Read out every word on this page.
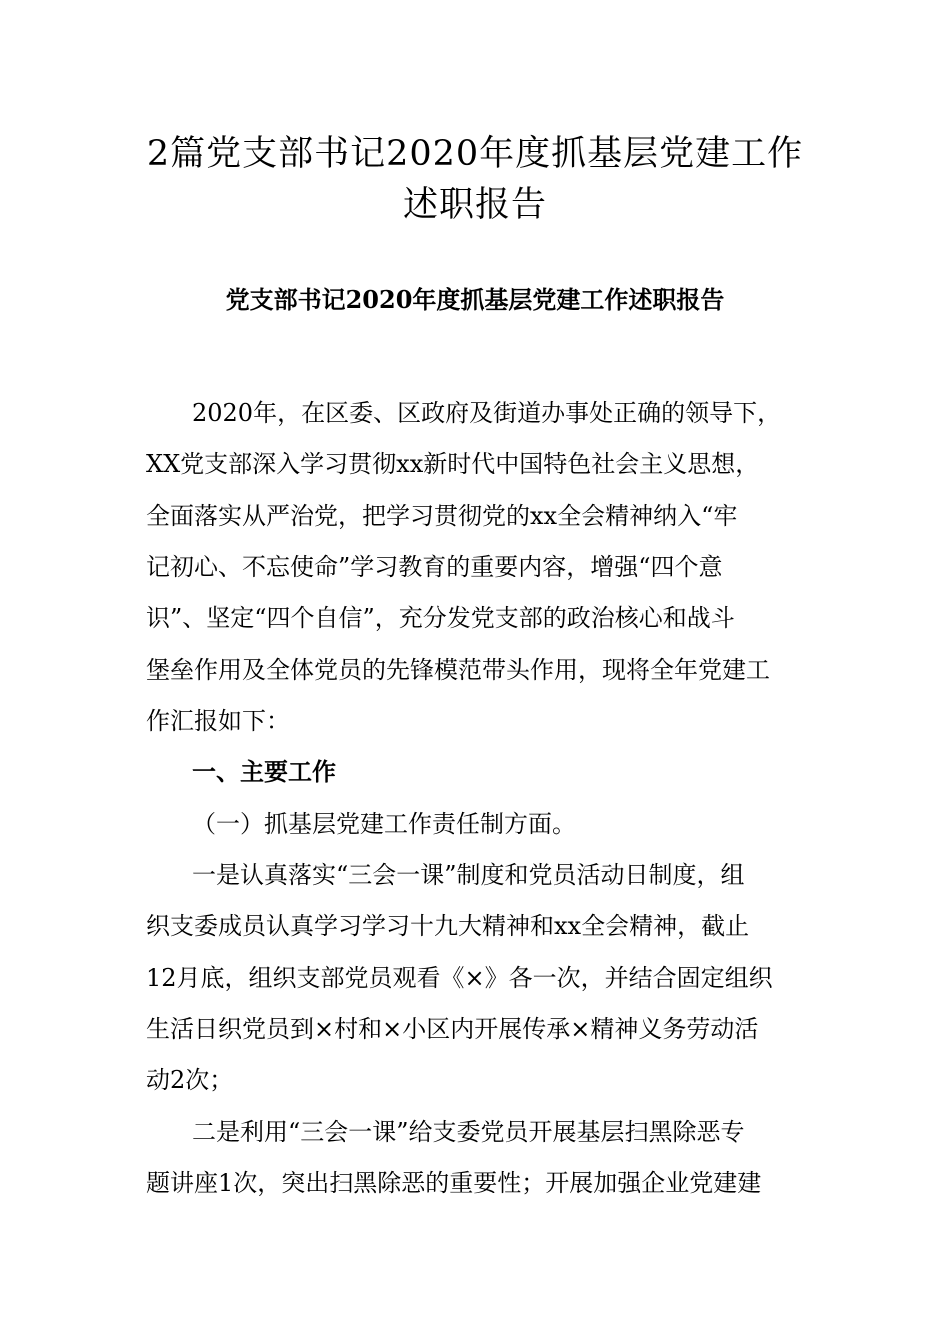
2篇党支部书记2020年度抓基层党建工作
述职报告
党支部书记2020年度抓基层党建工作述职报告

2020年，在区委、区政府及街道办事处正确的领导下，

XX党支部深入学习贯彻xx新时代中国特色社会主义思想，

全面落实从严治党，把学习贯彻党的xx全会精神纳入“牢

记初心、不忘使命”学习教育的重要内容，增强“四个意

识”、坚定“四个自信”，充分发党支部的政治核心和战斗

堡垒作用及全体党员的先锋模范带头作用，现将全年党建工

作汇报如下：

一、主要工作

（一）抓基层党建工作责任制方面。

一是认真落实“三会一课”制度和党员活动日制度，组

织支委成员认真学习学习十九大精神和xx全会精神，截止

12月底，组织支部党员观看《×》各一次，并结合固定组织

生活日织党员到×村和×小区内开展传承×精神义务劳动活

动2次；

二是利用“三会一课”给支委党员开展基层扫黑除恶专

题讲座1次，突出扫黑除恶的重要性；开展加强企业党建建
